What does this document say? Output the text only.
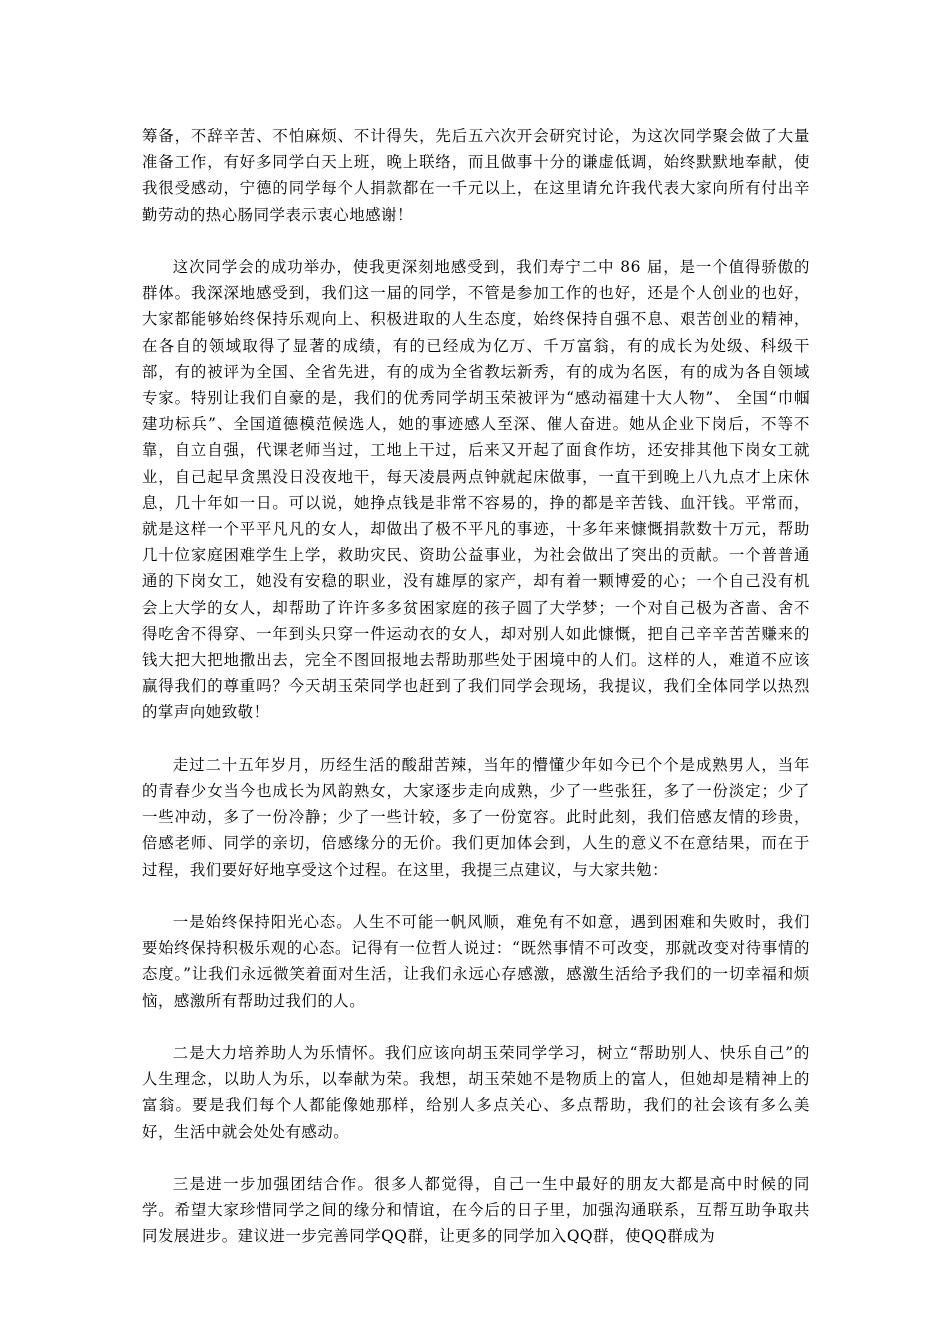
筹备，不辞辛苦、不怕麻烦、不计得失，先后五六次开会研究讨论，为这次同学聚会做了大量准备工作，有好多同学白天上班，晚上联络，而且做事十分的谦虚低调，始终默默地奉献，使我很受感动，宁德的同学每个人捐款都在一千元以上，在这里请允许我代表大家向所有付出辛勤劳动的热心肠同学表示衷心地感谢！

这次同学会的成功举办，使我更深刻地感受到，我们寿宁二中 86 届，是一个值得骄傲的群体。我深深地感受到，我们这一届的同学，不管是参加工作的也好，还是个人创业的也好，大家都能够始终保持乐观向上、积极进取的人生态度，始终保持自强不息、艰苦创业的精神，在各自的领域取得了显著的成绩，有的已经成为亿万、千万富翁，有的成长为处级、科级干部，有的被评为全国、全省先进，有的成为全省教坛新秀，有的成为名医，有的成为各自领域专家。特别让我们自豪的是，我们的优秀同学胡玉荣被评为“感动福建十大人物”、 全国“巾帼建功标兵”、全国道德模范候选人，她的事迹感人至深、催人奋进。她从企业下岗后，不等不靠，自立自强，代课老师当过，工地上干过，后来又开起了面食作坊，还安排其他下岗女工就业，自己起早贪黑没日没夜地干，每天凌晨两点钟就起床做事，一直干到晚上八九点才上床休息，几十年如一日。可以说，她挣点钱是非常不容易的，挣的都是辛苦钱、血汗钱。平常而，就是这样一个平平凡凡的女人，却做出了极不平凡的事迹，十多年来慷慨捐款数十万元，帮助几十位家庭困难学生上学，救助灾民、资助公益事业，为社会做出了突出的贡献。一个普普通通的下岗女工，她没有安稳的职业，没有雄厚的家产，却有着一颗博爱的心；一个自己没有机会上大学的女人，却帮助了许许多多贫困家庭的孩子圆了大学梦；一个对自己极为吝啬、舍不得吃舍不得穿、一年到头只穿一件运动衣的女人，却对别人如此慷慨，把自己辛辛苦苦赚来的钱大把大把地撒出去，完全不图回报地去帮助那些处于困境中的人们。这样的人，难道不应该赢得我们的尊重吗？今天胡玉荣同学也赶到了我们同学会现场，我提议，我们全体同学以热烈的掌声向她致敬！

走过二十五年岁月，历经生活的酸甜苦辣，当年的懵懂少年如今已个个是成熟男人，当年的青春少女当今也成长为风韵熟女，大家逐步走向成熟，少了一些张狂，多了一份淡定；少了一些冲动，多了一份冷静；少了一些计较，多了一份宽容。此时此刻，我们倍感友情的珍贵，倍感老师、同学的亲切，倍感缘分的无价。我们更加体会到，人生的意义不在意结果，而在于过程，我们要好好地享受这个过程。在这里，我提三点建议，与大家共勉：

一是始终保持阳光心态。人生不可能一帆风顺，难免有不如意，遇到困难和失败时，我们要始终保持积极乐观的心态。记得有一位哲人说过：“既然事情不可改变，那就改变对待事情的态度。”让我们永远微笑着面对生活，让我们永远心存感激，感激生活给予我们的一切幸福和烦恼，感激所有帮助过我们的人。

二是大力培养助人为乐情怀。我们应该向胡玉荣同学学习，树立“帮助别人、快乐自己”的人生理念，以助人为乐，以奉献为荣。我想，胡玉荣她不是物质上的富人，但她却是精神上的富翁。要是我们每个人都能像她那样，给别人多点关心、多点帮助，我们的社会该有多么美好，生活中就会处处有感动。

三是进一步加强团结合作。很多人都觉得，自己一生中最好的朋友大都是高中时候的同学。希望大家珍惜同学之间的缘分和情谊，在今后的日子里，加强沟通联系，互帮互助争取共同发展进步。建议进一步完善同学QQ群，让更多的同学加入QQ群，使QQ群成为
